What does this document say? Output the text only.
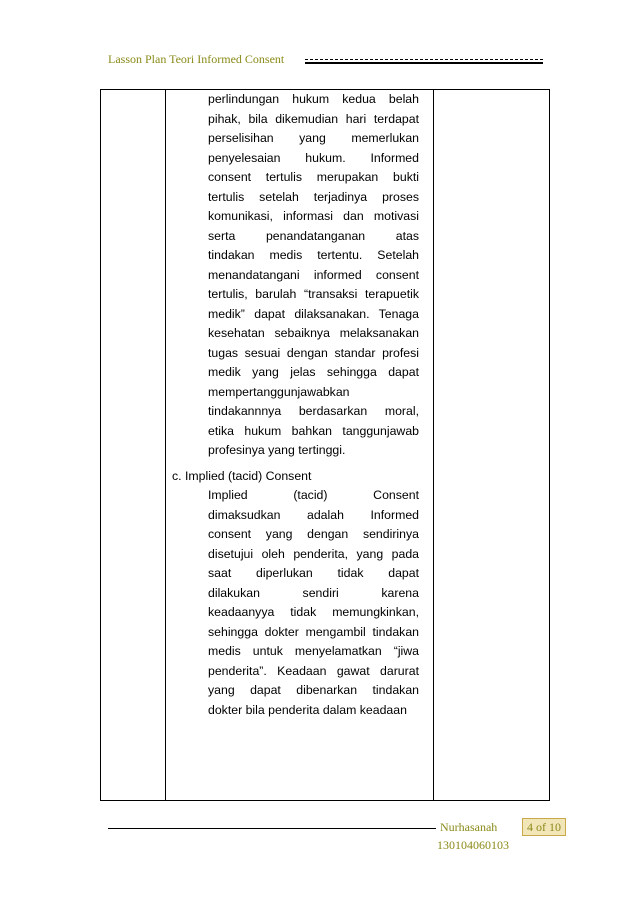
Lasson Plan Teori Informed Consent
perlindungan hukum kedua belah
pihak, bila dikemudian hari terdapat
perselisihan yang memerlukan
penyelesaian hukum. Informed
consent tertulis merupakan bukti
tertulis setelah terjadinya proses
komunikasi, informasi dan motivasi
serta penandatanganan atas
tindakan medis tertentu. Setelah
menandatangani informed consent
tertulis, barulah “transaksi terapuetik
medik” dapat dilaksanakan. Tenaga
kesehatan sebaiknya melaksanakan
tugas sesuai dengan standar profesi
medik yang jelas sehingga dapat
mempertanggunjawabkan
tindakannnya berdasarkan moral,
etika hukum bahkan tanggunjawab
profesinya yang tertinggi.
c. Implied (tacid) Consent
Implied (tacid) Consent
dimaksudkan adalah Informed
consent yang dengan sendirinya
disetujui oleh penderita, yang pada
saat diperlukan tidak dapat
dilakukan sendiri karena
keadaanyya tidak memungkinkan,
sehingga dokter mengambil tindakan
medis untuk menyelamatkan “jiwa
penderita”. Keadaan gawat darurat
yang dapat dibenarkan tindakan
dokter bila penderita dalam keadaan
Nurhasanah
130104060103
4 of 10
